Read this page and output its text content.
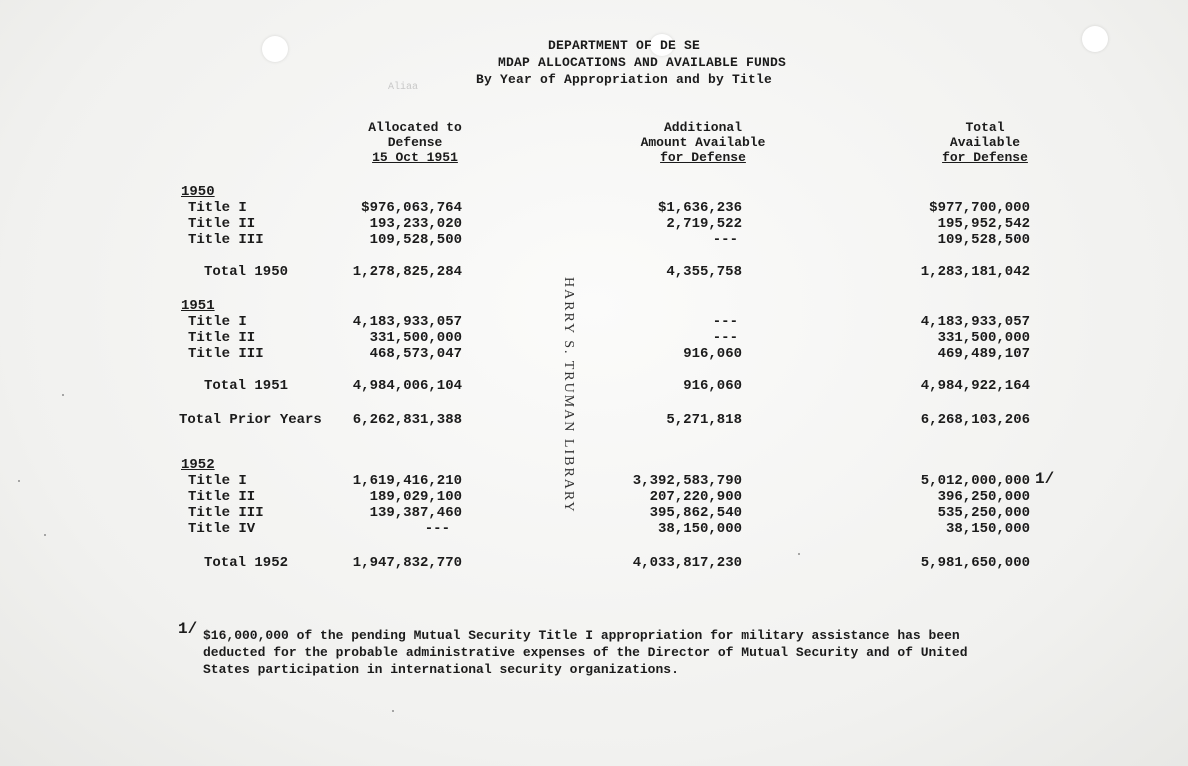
DEPARTMENT OF DE SE
MDAP ALLOCATIONS AND AVAILABLE FUNDS
By Year of Appropriation and by Title
Aliaa
Allocated to
Defense
15 Oct 1951
Additional
Amount Available
for Defense
Total
Available
for Defense
1950
Title I	$976,063,764	$1,636,236	$977,700,000
Title II	193,233,020	2,719,522	195,952,542
Title III	109,528,500	---	109,528,500
Total 1950	1,278,825,284	4,355,758	1,283,181,042
1951
Title I	4,183,933,057	---	4,183,933,057
Title II	331,500,000	---	331,500,000
Title III	468,573,047	916,060	469,489,107
Total 1951	4,984,006,104	916,060	4,984,922,164
Total Prior Years 6,262,831,388	5,271,818	6,268,103,206
1952
Title I	1,619,416,210	3,392,583,790	5,012,000,000
Title II	189,029,100	207,220,900	396,250,000
Title III	139,387,460	395,862,540	535,250,000
Title IV	---	38,150,000	38,150,000
Total 1952	1,947,832,770	4,033,817,230	5,981,650,000
1/
HARRY S. TRUMAN LIBRARY
1/ $16,000,000 of the pending Mutual Security Title I appropriation for military assistance has been
deducted for the probable administrative expenses of the Director of Mutual Security and of United
States participation in international security organizations.
